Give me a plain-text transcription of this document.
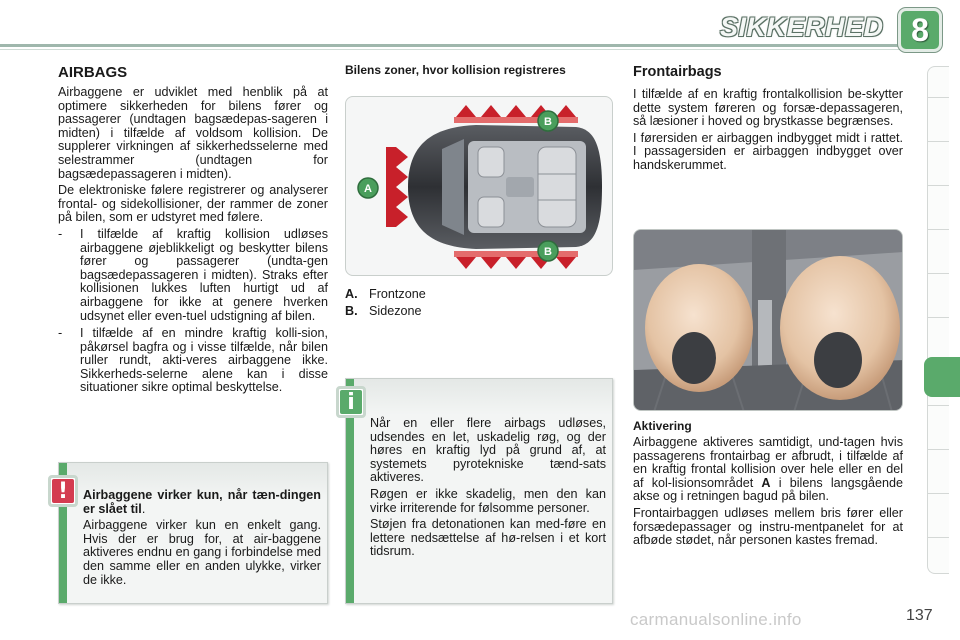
SIKKERHED 8
AIRBAGS

Airbaggene er udviklet med henblik på at optimere sikkerheden for bilens fører og passagerer (undtagen bagsædepas-sageren i midten) i tilfælde af voldsom kollision. De supplerer virkningen af sikkerhedsselerne med selestrammer (undtagen for bagsædepassageren i midten).

De elektroniske følere registrerer og analyserer frontal- og sidekollisioner, der rammer de zoner på bilen, som er udstyret med følere.

-	I tilfælde af kraftig kollision udløses airbaggene øjeblikkeligt og beskytter bilens fører og passagerer (undta-gen bagsædepassageren i midten). Straks efter kollisionen lukkes luften hurtigt ud af airbaggene for ikke at genere hverken udsynet eller even-tuel udstigning af bilen.
-	I tilfælde af en mindre kraftig kolli-sion, påkørsel bagfra og i visse tilfælde, når bilen ruller rundt, akti-veres airbaggene ikke. Sikkerheds-selerne alene kan i disse situationer sikre optimal beskyttelse.

Airbaggene virker kun, når tæn-dingen er slået til.

Airbaggene virker kun en enkelt gang. Hvis der er brug for, at air-baggene aktiveres endnu en gang i forbindelse med den samme eller en anden ulykke, virker de ikke.

!
Bilens zoner, hvor kollision registreres
A
B
B
A. Frontzone
B. Sidezone

Når en eller flere airbags udløses, udsendes en let, uskadelig røg, og der høres en kraftig lyd på grund af, at systemets pyrotekniske tænd-sats aktiveres.

Røgen er ikke skadelig, men den kan virke irriterende for følsomme personer.

Støjen fra detonationen kan med-føre en lettere nedsættelse af hø-relsen i et kort tidsrum.

i
Frontairbags

I tilfælde af en kraftig frontalkollision be-skytter dette system føreren og forsæ-depassageren, så læsioner i hoved og brystkasse begrænses.

I førersiden er airbaggen indbygget midt i rattet. I passagersiden er airbaggen indbygget over handskerummet.

Aktivering

Airbaggene aktiveres samtidigt, und-tagen hvis passagerens frontairbag er afbrudt, i tilfælde af en kraftig frontal kollision over hele eller en del af kol-lisionsområdet A i bilens langsgående akse og i retningen bagud på bilen.

Frontairbaggen udløses mellem bris fører eller forsædepassager og instru-mentpanelet for at afbøde stødet, når personen kastes fremad.

carmanualsonline.info	137
